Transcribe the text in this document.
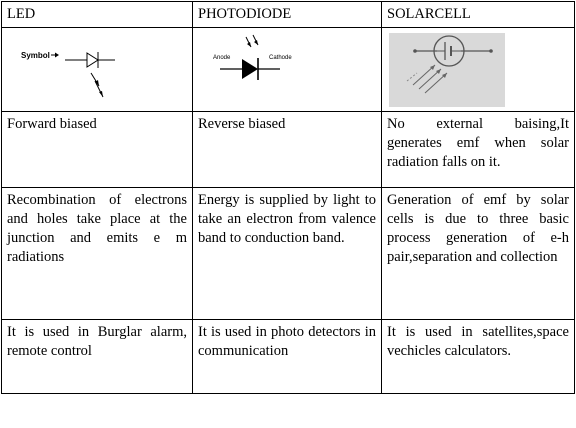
LED	PHOTODIODE	SOLARCELL

Symbol	Anode Cathode

Forward biased	Reverse biased	No external baising,It generates emf when solar radiation falls on it.
Recombination of electrons and holes take place at the junction and emits e m radiations	Energy is supplied by light to take an electron from valence band to conduction band.	Generation of emf by solar cells is due to three basic process generation of e-h pair,separation and collection
It is used in Burglar alarm, remote control	It is used in photo detectors in communication	It is used in satellites,space vechicles calculators.
